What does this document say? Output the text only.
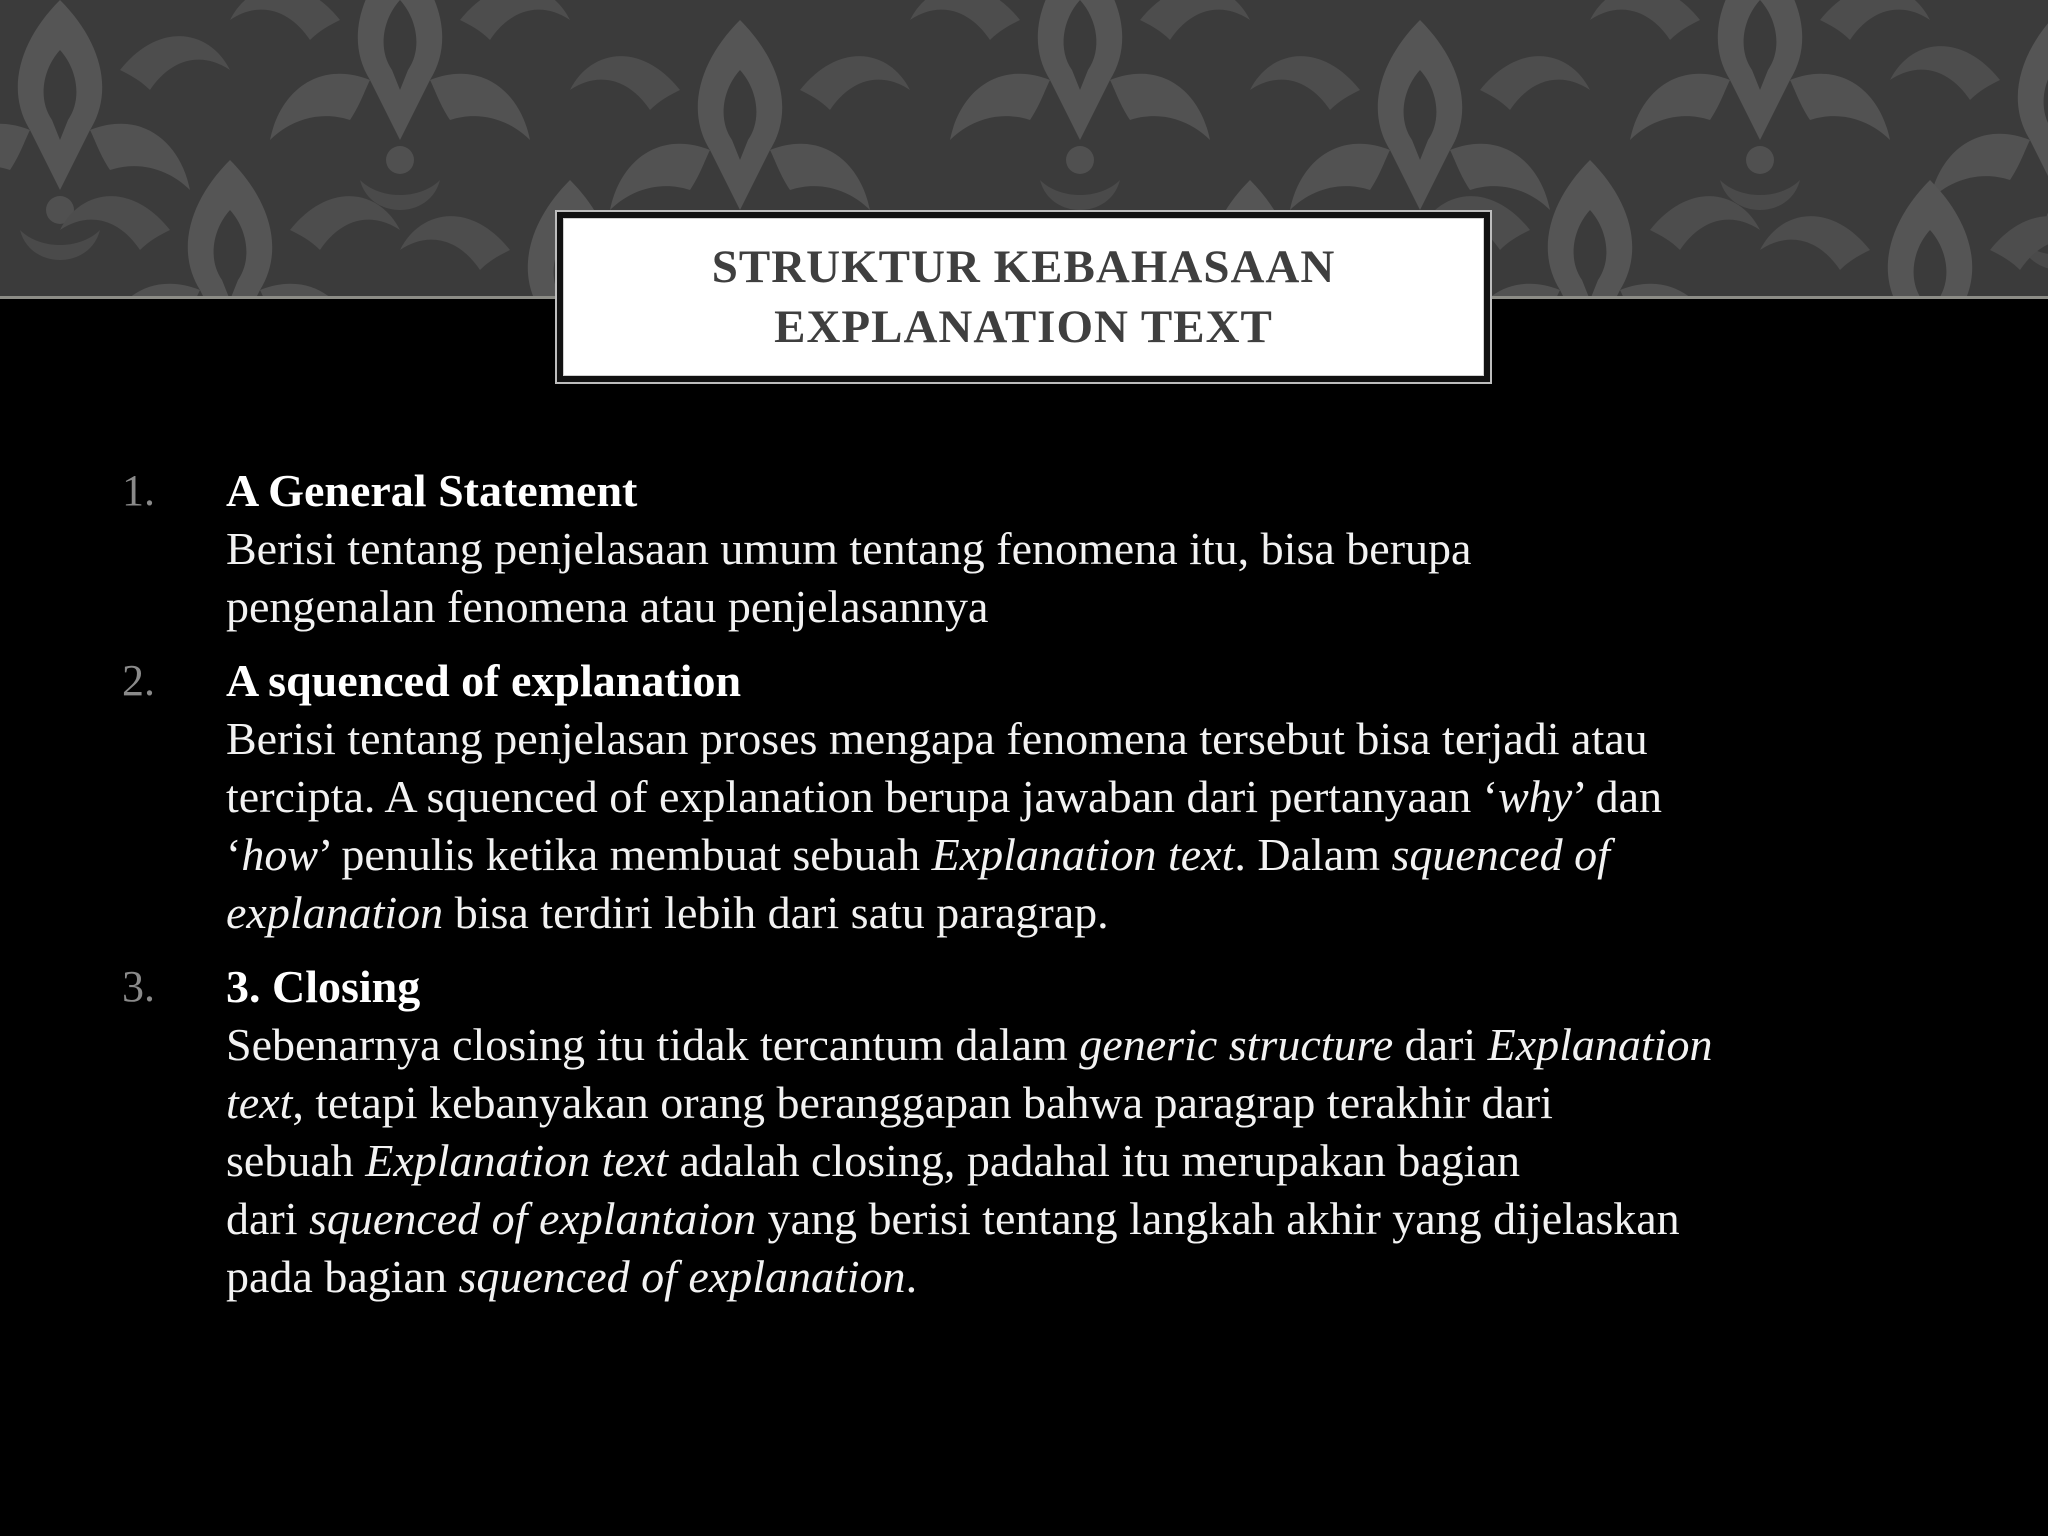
STRUKTUR KEBAHASAAN
EXPLANATION TEXT
1. A General Statement
Berisi tentang penjelasaan umum tentang fenomena itu, bisa berupa
pengenalan fenomena atau penjelasannya
2. A squenced of explanation
Berisi tentang penjelasan proses mengapa fenomena tersebut bisa terjadi atau
tercipta. A squenced of explanation berupa jawaban dari pertanyaan ‘why’ dan
‘how’ penulis ketika membuat sebuah Explanation text. Dalam squenced of
explanation bisa terdiri lebih dari satu paragrap.
3. 3. Closing
Sebenarnya closing itu tidak tercantum dalam generic structure dari Explanation
text, tetapi kebanyakan orang beranggapan bahwa paragrap terakhir dari
sebuah Explanation text adalah closing, padahal itu merupakan bagian
dari squenced of explantaion yang berisi tentang langkah akhir yang dijelaskan
pada bagian squenced of explanation.
